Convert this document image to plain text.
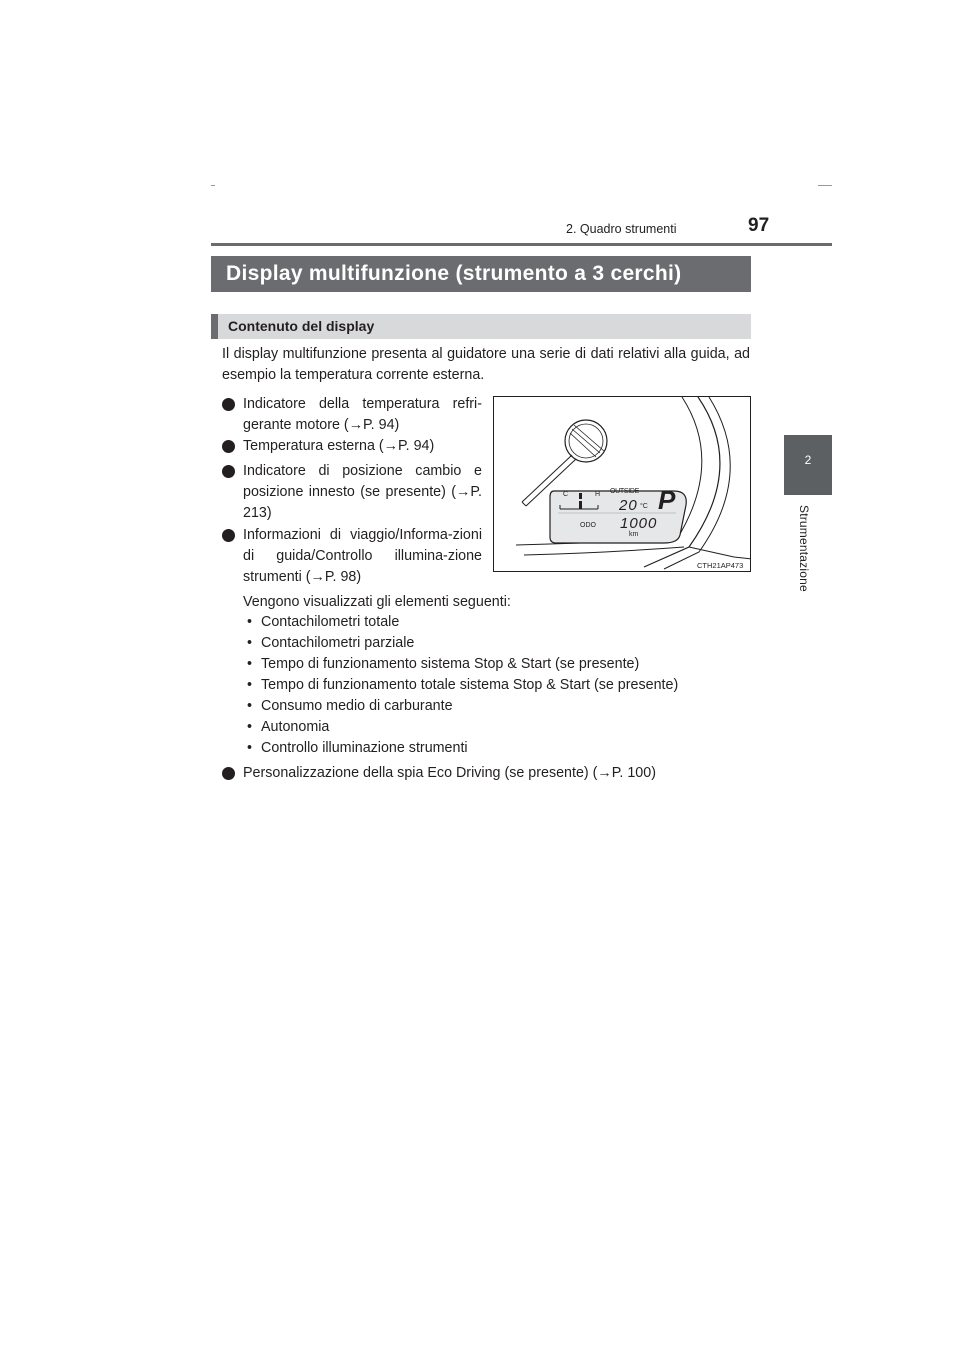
2. Quadro strumenti	97
2
Strumentazione
Display multifunzione (strumento a 3 cerchi)
Contenuto del display
Il display multifunzione presenta al guidatore una serie di dati relativi alla guida, ad esempio la temperatura corrente esterna.
Indicatore della temperatura refri-gerante motore (→P. 94)
Temperatura esterna (→P. 94)
Indicatore di posizione cambio e posizione innesto (se presente) (→P. 213)
Informazioni di viaggio/Informa-zioni di guida/Controllo illumina-zione strumenti (→P. 98)
Vengono visualizzati gli elementi seguenti:
• Contachilometri totale
• Contachilometri parziale
• Tempo di funzionamento sistema Stop & Start (se presente)
• Tempo di funzionamento totale sistema Stop & Start (se presente)
• Consumo medio di carburante
• Autonomia
• Controllo illuminazione strumenti
Personalizzazione della spia Eco Driving (se presente) (→P. 100)
C	H OUTSIDE
20 °C P
ODO 1000
km
CTH21AP473
